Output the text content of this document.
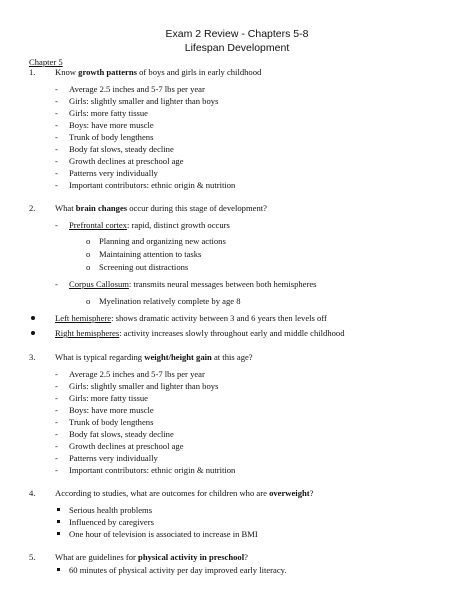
Exam 2 Review - Chapters 5-8
Lifespan Development
Chapter 5
1. Know growth patterns of boys and girls in early childhood
- Average 2.5 inches and 5-7 lbs per year
- Girls: slightly smaller and lighter than boys
- Girls: more fatty tissue
- Boys: have more muscle
- Trunk of body lengthens
- Body fat slows, steady decline
- Growth declines at preschool age
- Patterns very individually
- Important contributors: ethnic origin & nutrition
2. What brain changes occur during this stage of development?
- Prefrontal cortex: rapid, distinct growth occurs
o Planning and organizing new actions
o Maintaining attention to tasks
o Screening out distractions
- Corpus Callosum: transmits neural messages between both hemispheres
o Myelination relatively complete by age 8
Left hemisphere: shows dramatic activity between 3 and 6 years then levels off
Right hemispheres: activity increases slowly throughout early and middle childhood
3. What is typical regarding weight/height gain at this age?
- Average 2.5 inches and 5-7 lbs per year
- Girls: slightly smaller and lighter than boys
- Girls: more fatty tissue
- Boys: have more muscle
- Trunk of body lengthens
- Body fat slows, steady decline
- Growth declines at preschool age
- Patterns very individually
- Important contributors: ethnic origin & nutrition
4. According to studies, what are outcomes for children who are overweight?
Serious health problems
Influenced by caregivers
One hour of television is associated to increase in BMI
5. What are guidelines for physical activity in preschool?
60 minutes of physical activity per day improved early literacy.
